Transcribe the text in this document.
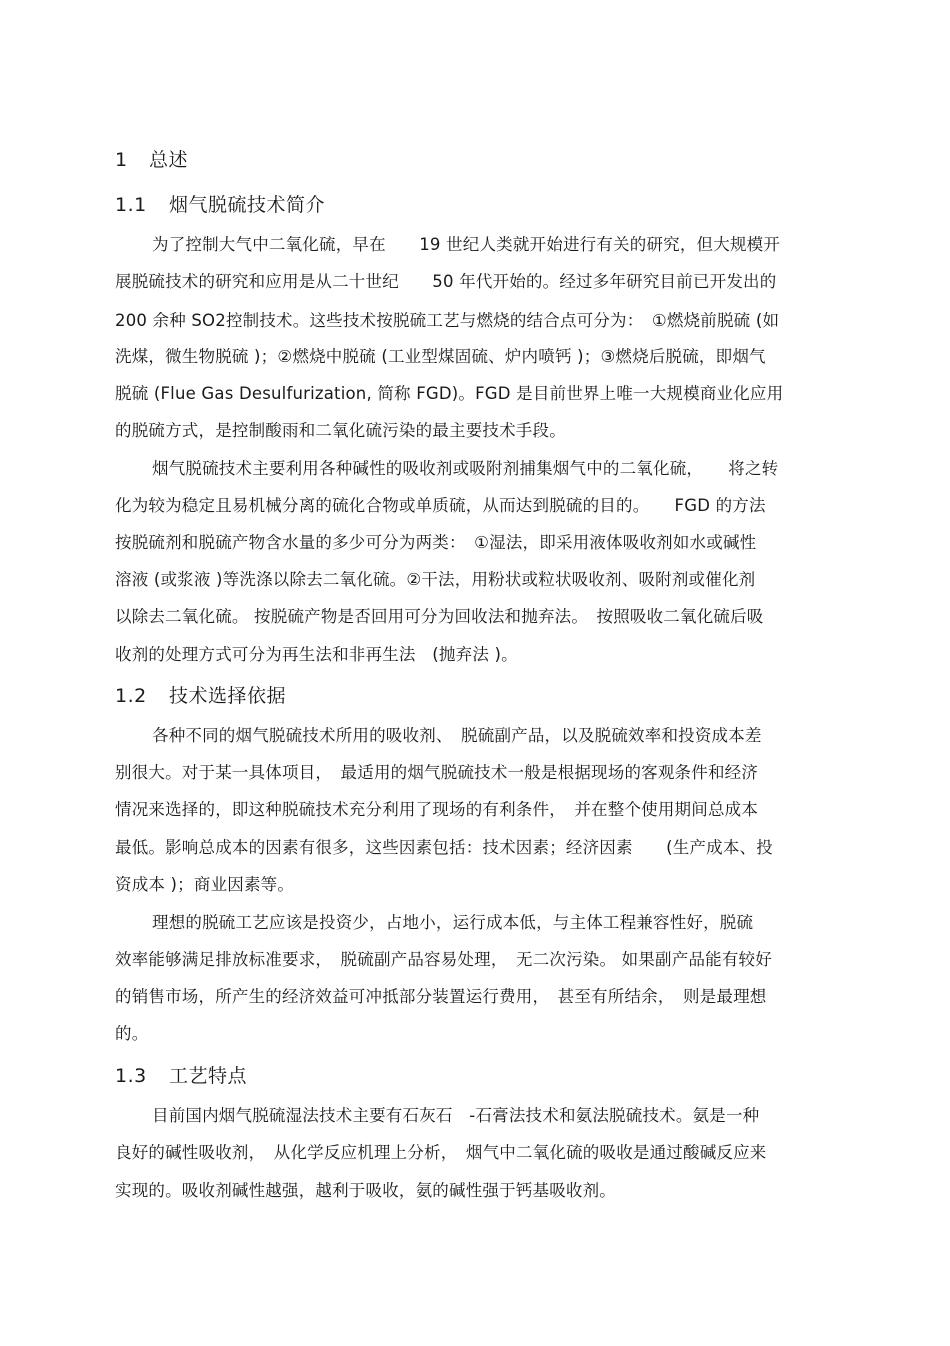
1 总述
1.1 烟气脱硫技术简介
为了控制大气中二氧化硫，早在　　19 世纪人类就开始进行有关的研究，但大规模开
展脱硫技术的研究和应用是从二十世纪　　50 年代开始的。经过多年研究目前已开发出的
200 余种 SO2控制技术。这些技术按脱硫工艺与燃烧的结合点可分为：　①燃烧前脱硫 (如
洗煤，微生物脱硫 )；②燃烧中脱硫 (工业型煤固硫、炉内喷钙 )；③燃烧后脱硫，即烟气
脱硫 (Flue Gas Desulfurization, 简称 FGD)。FGD 是目前世界上唯一大规模商业化应用
的脱硫方式，是控制酸雨和二氧化硫污染的最主要技术手段。
烟气脱硫技术主要利用各种碱性的吸收剂或吸附剂捕集烟气中的二氧化硫，　　将之转
化为较为稳定且易机械分离的硫化合物或单质硫，从而达到脱硫的目的。　　FGD 的方法
按脱硫剂和脱硫产物含水量的多少可分为两类：　①湿法，即采用液体吸收剂如水或碱性
溶液 (或浆液 )等洗涤以除去二氧化硫。②干法，用粉状或粒状吸收剂、吸附剂或催化剂
以除去二氧化硫。 按脱硫产物是否回用可分为回收法和抛弃法。　按照吸收二氧化硫后吸
收剂的处理方式可分为再生法和非再生法　(抛弃法 )。
1.2 技术选择依据
各种不同的烟气脱硫技术所用的吸收剂、　脱硫副产品，以及脱硫效率和投资成本差
别很大。对于某一具体项目，　最适用的烟气脱硫技术一般是根据现场的客观条件和经济
情况来选择的，即这种脱硫技术充分利用了现场的有利条件，　并在整个使用期间总成本
最低。影响总成本的因素有很多，这些因素包括：技术因素；经济因素　　(生产成本、投
资成本 )；商业因素等。
理想的脱硫工艺应该是投资少，占地小，运行成本低，与主体工程兼容性好，脱硫
效率能够满足排放标准要求，　脱硫副产品容易处理，　无二次污染。 如果副产品能有较好
的销售市场，所产生的经济效益可冲抵部分装置运行费用，　甚至有所结余，　则是最理想
的。
1.3 工艺特点
目前国内烟气脱硫湿法技术主要有石灰石　-石膏法技术和氨法脱硫技术。氨是一种
良好的碱性吸收剂，　从化学反应机理上分析，　烟气中二氧化硫的吸收是通过酸碱反应来
实现的。吸收剂碱性越强，越利于吸收，氨的碱性强于钙基吸收剂。
